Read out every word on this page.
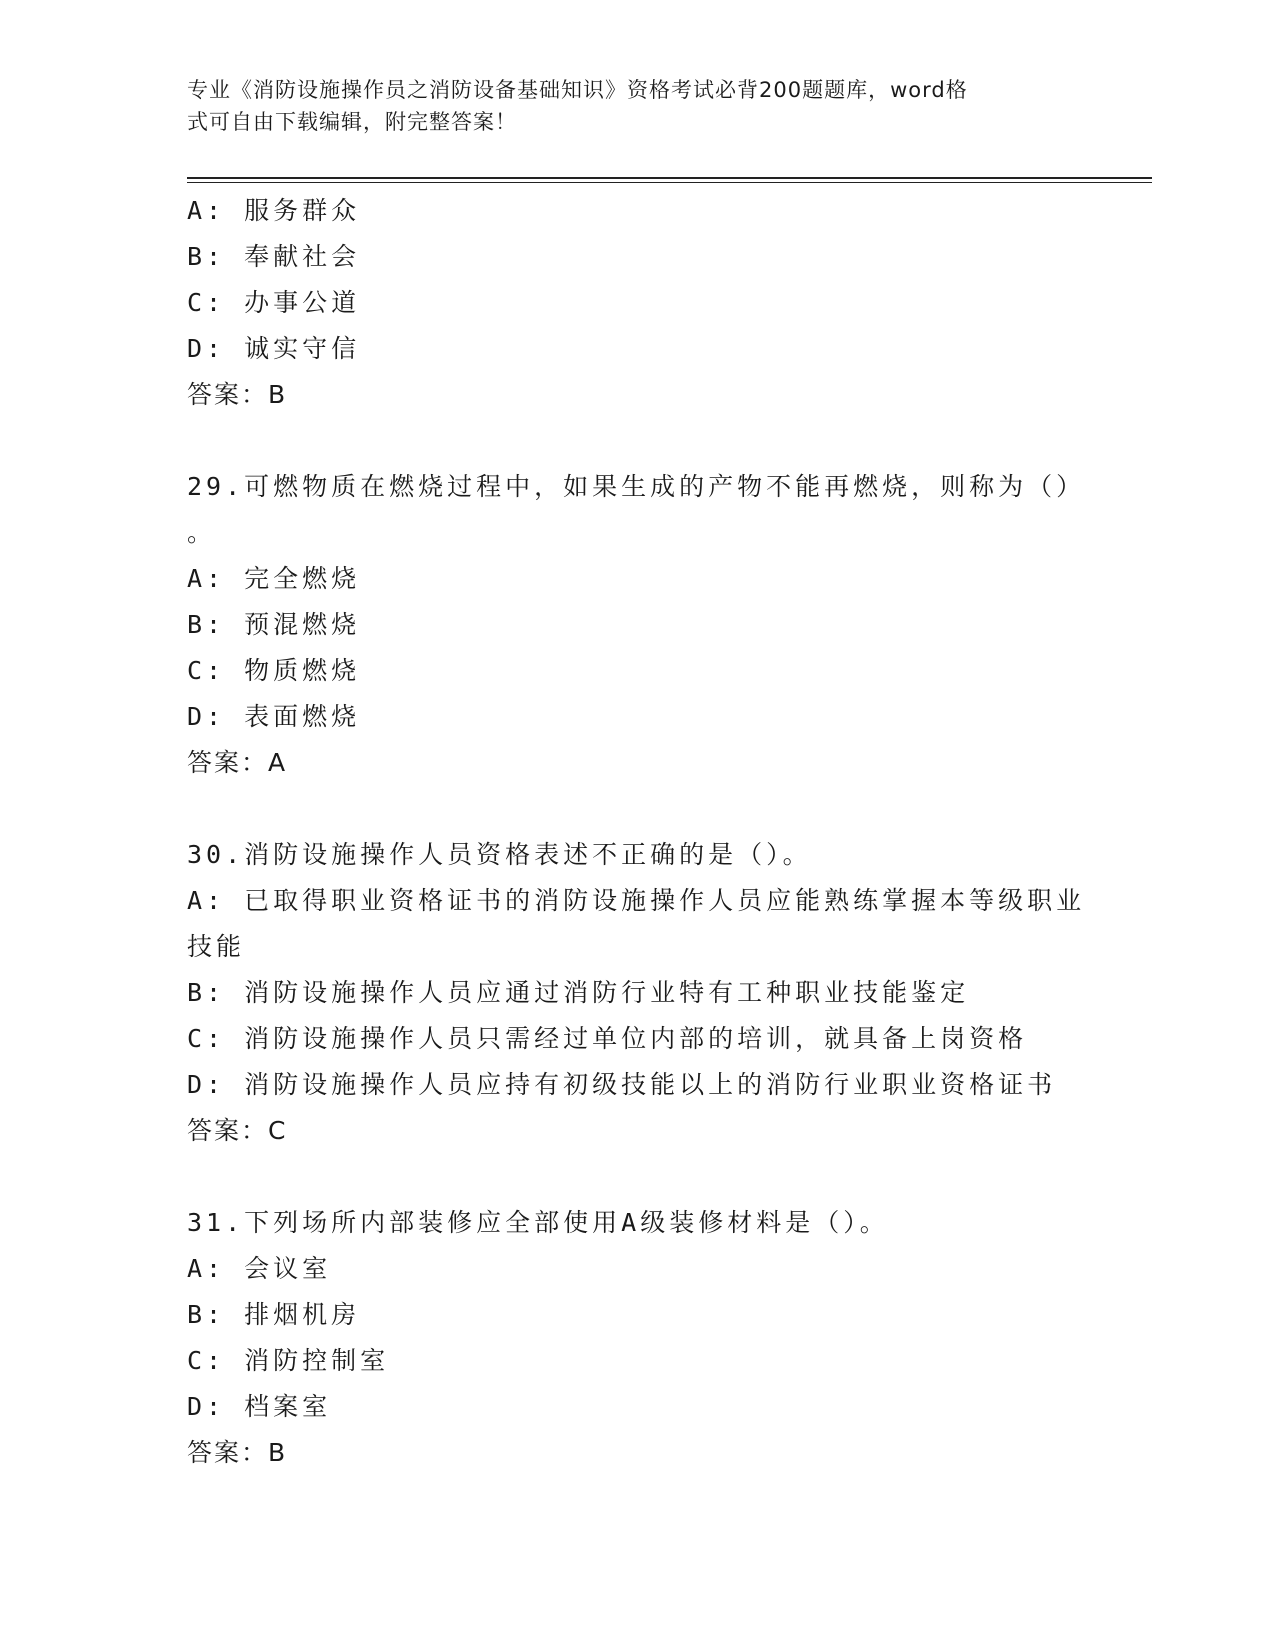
专业《消防设施操作员之消防设备基础知识》资格考试必背200题题库，word格
式可自由下载编辑，附完整答案！
A: 服务群众
B: 奉献社会
C: 办事公道
D: 诚实守信
答案：B
29.可燃物质在燃烧过程中，如果生成的产物不能再燃烧，则称为（）
。
A: 完全燃烧
B: 预混燃烧
C: 物质燃烧
D: 表面燃烧
答案：A
30.消防设施操作人员资格表述不正确的是（）。
A: 已取得职业资格证书的消防设施操作人员应能熟练掌握本等级职业
技能
B: 消防设施操作人员应通过消防行业特有工种职业技能鉴定
C: 消防设施操作人员只需经过单位内部的培训，就具备上岗资格
D: 消防设施操作人员应持有初级技能以上的消防行业职业资格证书
答案：C
31.下列场所内部装修应全部使用A级装修材料是（）。
A: 会议室
B: 排烟机房
C: 消防控制室
D: 档案室
答案：B
